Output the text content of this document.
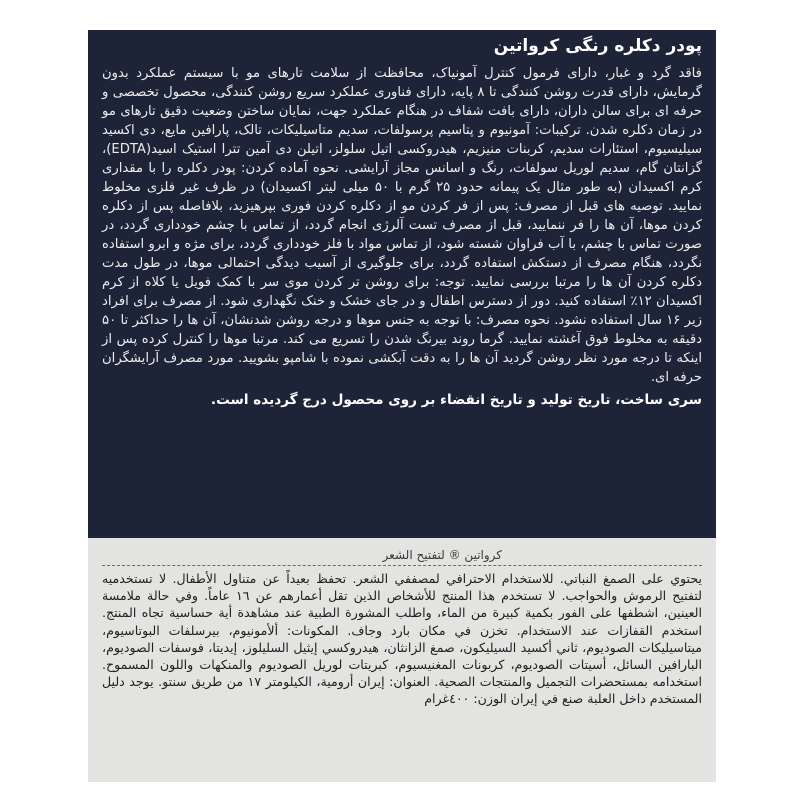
پودر دکلره رنگی کروا‌تین

فاقد گرد و غبار، دارای فرمول کنترل آمونیاک، محافظت از سلامت تارهای مو با سیستم عملکرد بدون گرمایش، دارای قدرت روشن کنندگی تا ۸ پایه، دارای فناوری عملکرد سریع روشن کنندگی، محصول تخصصی و حرفه ای برای سالن داران، دارای بافت شفاف در هنگام عملکرد جهت، نمایان ساختن وضعیت دقیق تارهای مو در زمان دکلره شدن. ترکیبات: آمونیوم و پتاسیم پرسولفات، سدیم متاسیلیکات، تالک، پارافین مایع، دی اکسید سیلیسیوم، استئارات سدیم، کربنات منیزیم، هیدروکسی اتیل سلولز، اتیلن دی آمین تترا استیک اسید(EDTA)، گزانتان گام، سدیم لوریل سولفات، رنگ و اسانس مجاز آرایشی. نحوه آماده کردن: پودر دکلره را با مقداری کرم اکسیدان (به طور مثال یک پیمانه حدود ۲۵ گرم با ۵۰ میلی لیتر اکسیدان) در ظرف غیر فلزی مخلوط نمایید. توصیه های قبل از مصرف: پس از فر کردن مو از دکلره کردن فوری بپرهیزید، بلافاصله پس از دکلره کردن موها، آن ها را فر ننمایید، قبل از مصرف تست آلرژی انجام گردد، از تماس با چشم خودداری گردد، در صورت تماس با چشم، با آب فراوان شسته شود، از تماس مواد با فلز خودداری گردد، برای مژه و ابرو استفاده نگردد، هنگام مصرف از دستکش استفاده گردد، برای جلوگیری از آسیب دیدگی احتمالی موها، در طول مدت دکلره کردن آن ها را مرتبا بررسی نمایید. توجه: برای روشن تر کردن موی سر با کمک فویل یا کلاه از کرم اکسیدان ۱۲٪ استفاده کنید. دور از دسترس اطفال و در جای خشک و خنک نگهداری شود. از مصرف برای افراد زیر ۱۶ سال استفاده نشود. نحوه مصرف: با توجه به جنس موها و درجه روشن شدنشان، آن ها را حداکثر تا ۵۰ دقیقه به مخلوط فوق آغشته نمایید. گرما روند بیرنگ شدن را تسریع می کند. مرتبا موها را کنترل کرده پس از اینکه تا درجه مورد نظر روشن گردید آن ها را به دقت آبکشی نموده با شامپو بشویید. مورد مصرف آرایشگران حرفه ای.

سری ساخت، تاریخ تولید و تاریخ انقضاء بر روی محصول درج گردیده است.

كرواتين ® لتفتيح الشعر

يحتوي على الصمغ النباتي. للاستخدام الاحترافي لمصففي الشعر. تحفظ بعيداً عن متناول الأطفال. لا تستخدميه لتفتيح الرموش والحواجب. لا تستخدم هذا المنتج للأشخاص الذين تقل أعمارهم عن ١٦ عاماً. وفي حالة ملامسة العينين، اشطفها على الفور بكمية كبيرة من الماء، واطلب المشورة الطبية عند مشاهدة أية حساسية تجاه المنتج. استخدم القفازات عند الاستخدام. تخزن في مكان بارد وجاف. المكونات: ألأمونيوم، بيرسلفات البوتاسيوم، ميتاسيليكات الصوديوم، ثاني أكسيد السيليكون، صمغ الزانثان، هيدروكسي إيثيل السليلوز، إيديتا، فوسفات الصوديوم، البارافين السائل، أسيتات الصوديوم، كربونات المغنيسيوم، كبريتات لوريل الصوديوم والمنكهات واللون المسموح. استخدامه بمستحضرات التجميل والمنتجات الصحية. العنوان: إيران أرومية، الكيلومتر ١٧ من طريق سنتو. يوجد دليل المستخدم داخل العلبة صنع في إيران الوزن: ٤٠٠غرام
